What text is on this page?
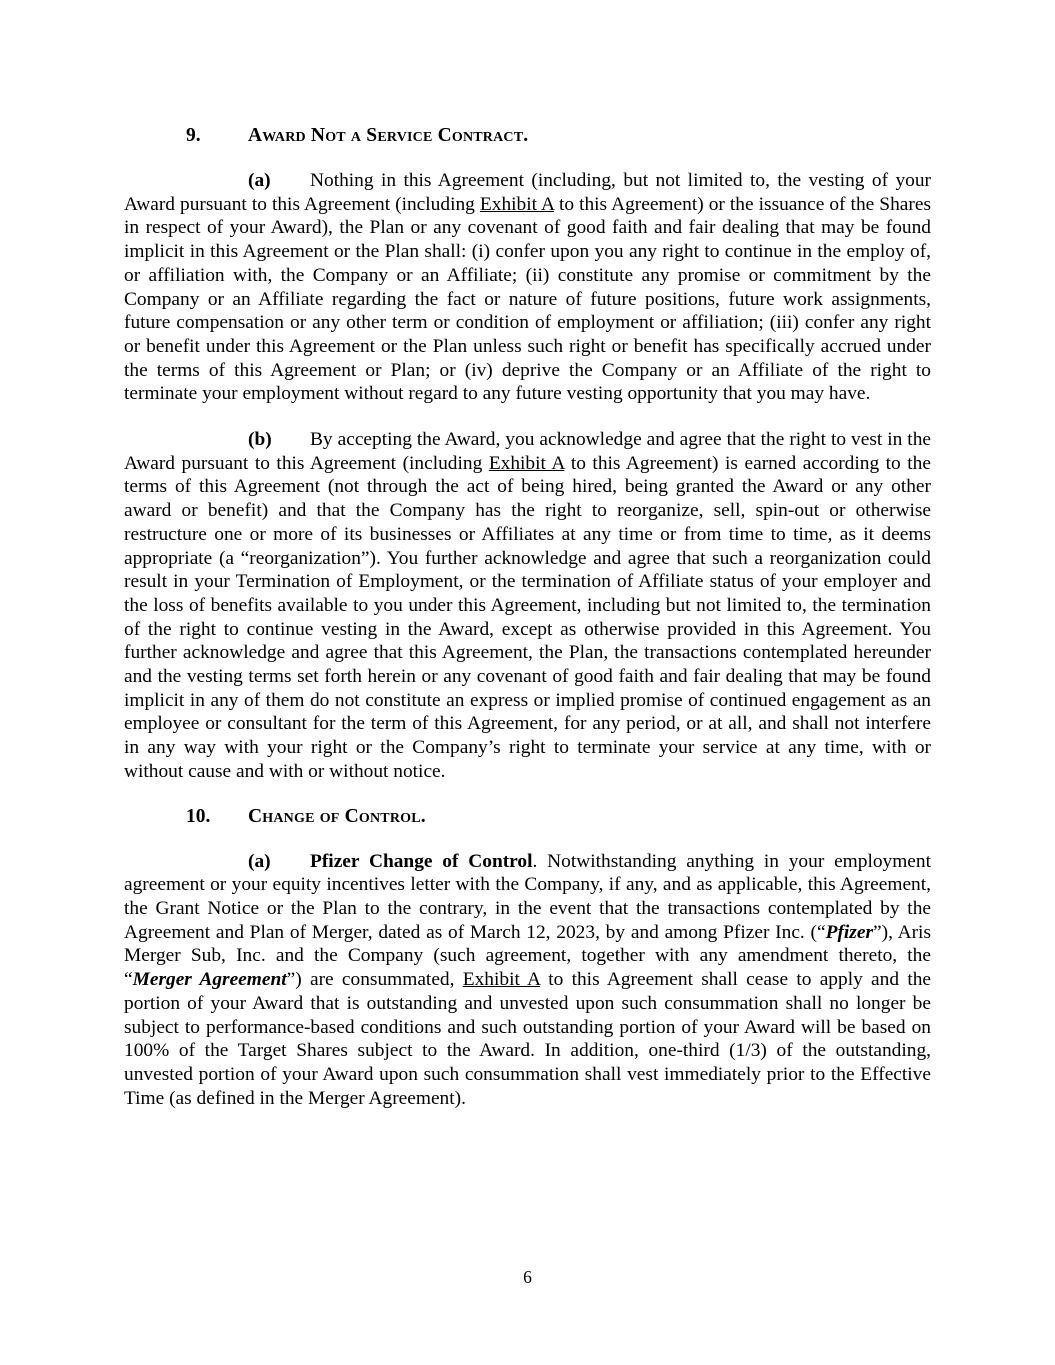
9. Award Not a Service Contract.

(a) Nothing in this Agreement (including, but not limited to, the vesting of your Award pursuant to this Agreement (including Exhibit A to this Agreement) or the issuance of the Shares in respect of your Award), the Plan or any covenant of good faith and fair dealing that may be found implicit in this Agreement or the Plan shall: (i) confer upon you any right to continue in the employ of, or affiliation with, the Company or an Affiliate; (ii) constitute any promise or commitment by the Company or an Affiliate regarding the fact or nature of future positions, future work assignments, future compensation or any other term or condition of employment or affiliation; (iii) confer any right or benefit under this Agreement or the Plan unless such right or benefit has specifically accrued under the terms of this Agreement or Plan; or (iv) deprive the Company or an Affiliate of the right to terminate your employment without regard to any future vesting opportunity that you may have.

(b) By accepting the Award, you acknowledge and agree that the right to vest in the Award pursuant to this Agreement (including Exhibit A to this Agreement) is earned according to the terms of this Agreement (not through the act of being hired, being granted the Award or any other award or benefit) and that the Company has the right to reorganize, sell, spin-out or otherwise restructure one or more of its businesses or Affiliates at any time or from time to time, as it deems appropriate (a “reorganization”). You further acknowledge and agree that such a reorganization could result in your Termination of Employment, or the termination of Affiliate status of your employer and the loss of benefits available to you under this Agreement, including but not limited to, the termination of the right to continue vesting in the Award, except as otherwise provided in this Agreement. You further acknowledge and agree that this Agreement, the Plan, the transactions contemplated hereunder and the vesting terms set forth herein or any covenant of good faith and fair dealing that may be found implicit in any of them do not constitute an express or implied promise of continued engagement as an employee or consultant for the term of this Agreement, for any period, or at all, and shall not interfere in any way with your right or the Company’s right to terminate your service at any time, with or without cause and with or without notice.

10. Change of Control.

(a) Pfizer Change of Control. Notwithstanding anything in your employment agreement or your equity incentives letter with the Company, if any, and as applicable, this Agreement, the Grant Notice or the Plan to the contrary, in the event that the transactions contemplated by the Agreement and Plan of Merger, dated as of March 12, 2023, by and among Pfizer Inc. (“Pfizer”), Aris Merger Sub, Inc. and the Company (such agreement, together with any amendment thereto, the “Merger Agreement”) are consummated, Exhibit A to this Agreement shall cease to apply and the portion of your Award that is outstanding and unvested upon such consummation shall no longer be subject to performance-based conditions and such outstanding portion of your Award will be based on 100% of the Target Shares subject to the Award. In addition, one-third (1/3) of the outstanding, unvested portion of your Award upon such consummation shall vest immediately prior to the Effective Time (as defined in the Merger Agreement).

6
